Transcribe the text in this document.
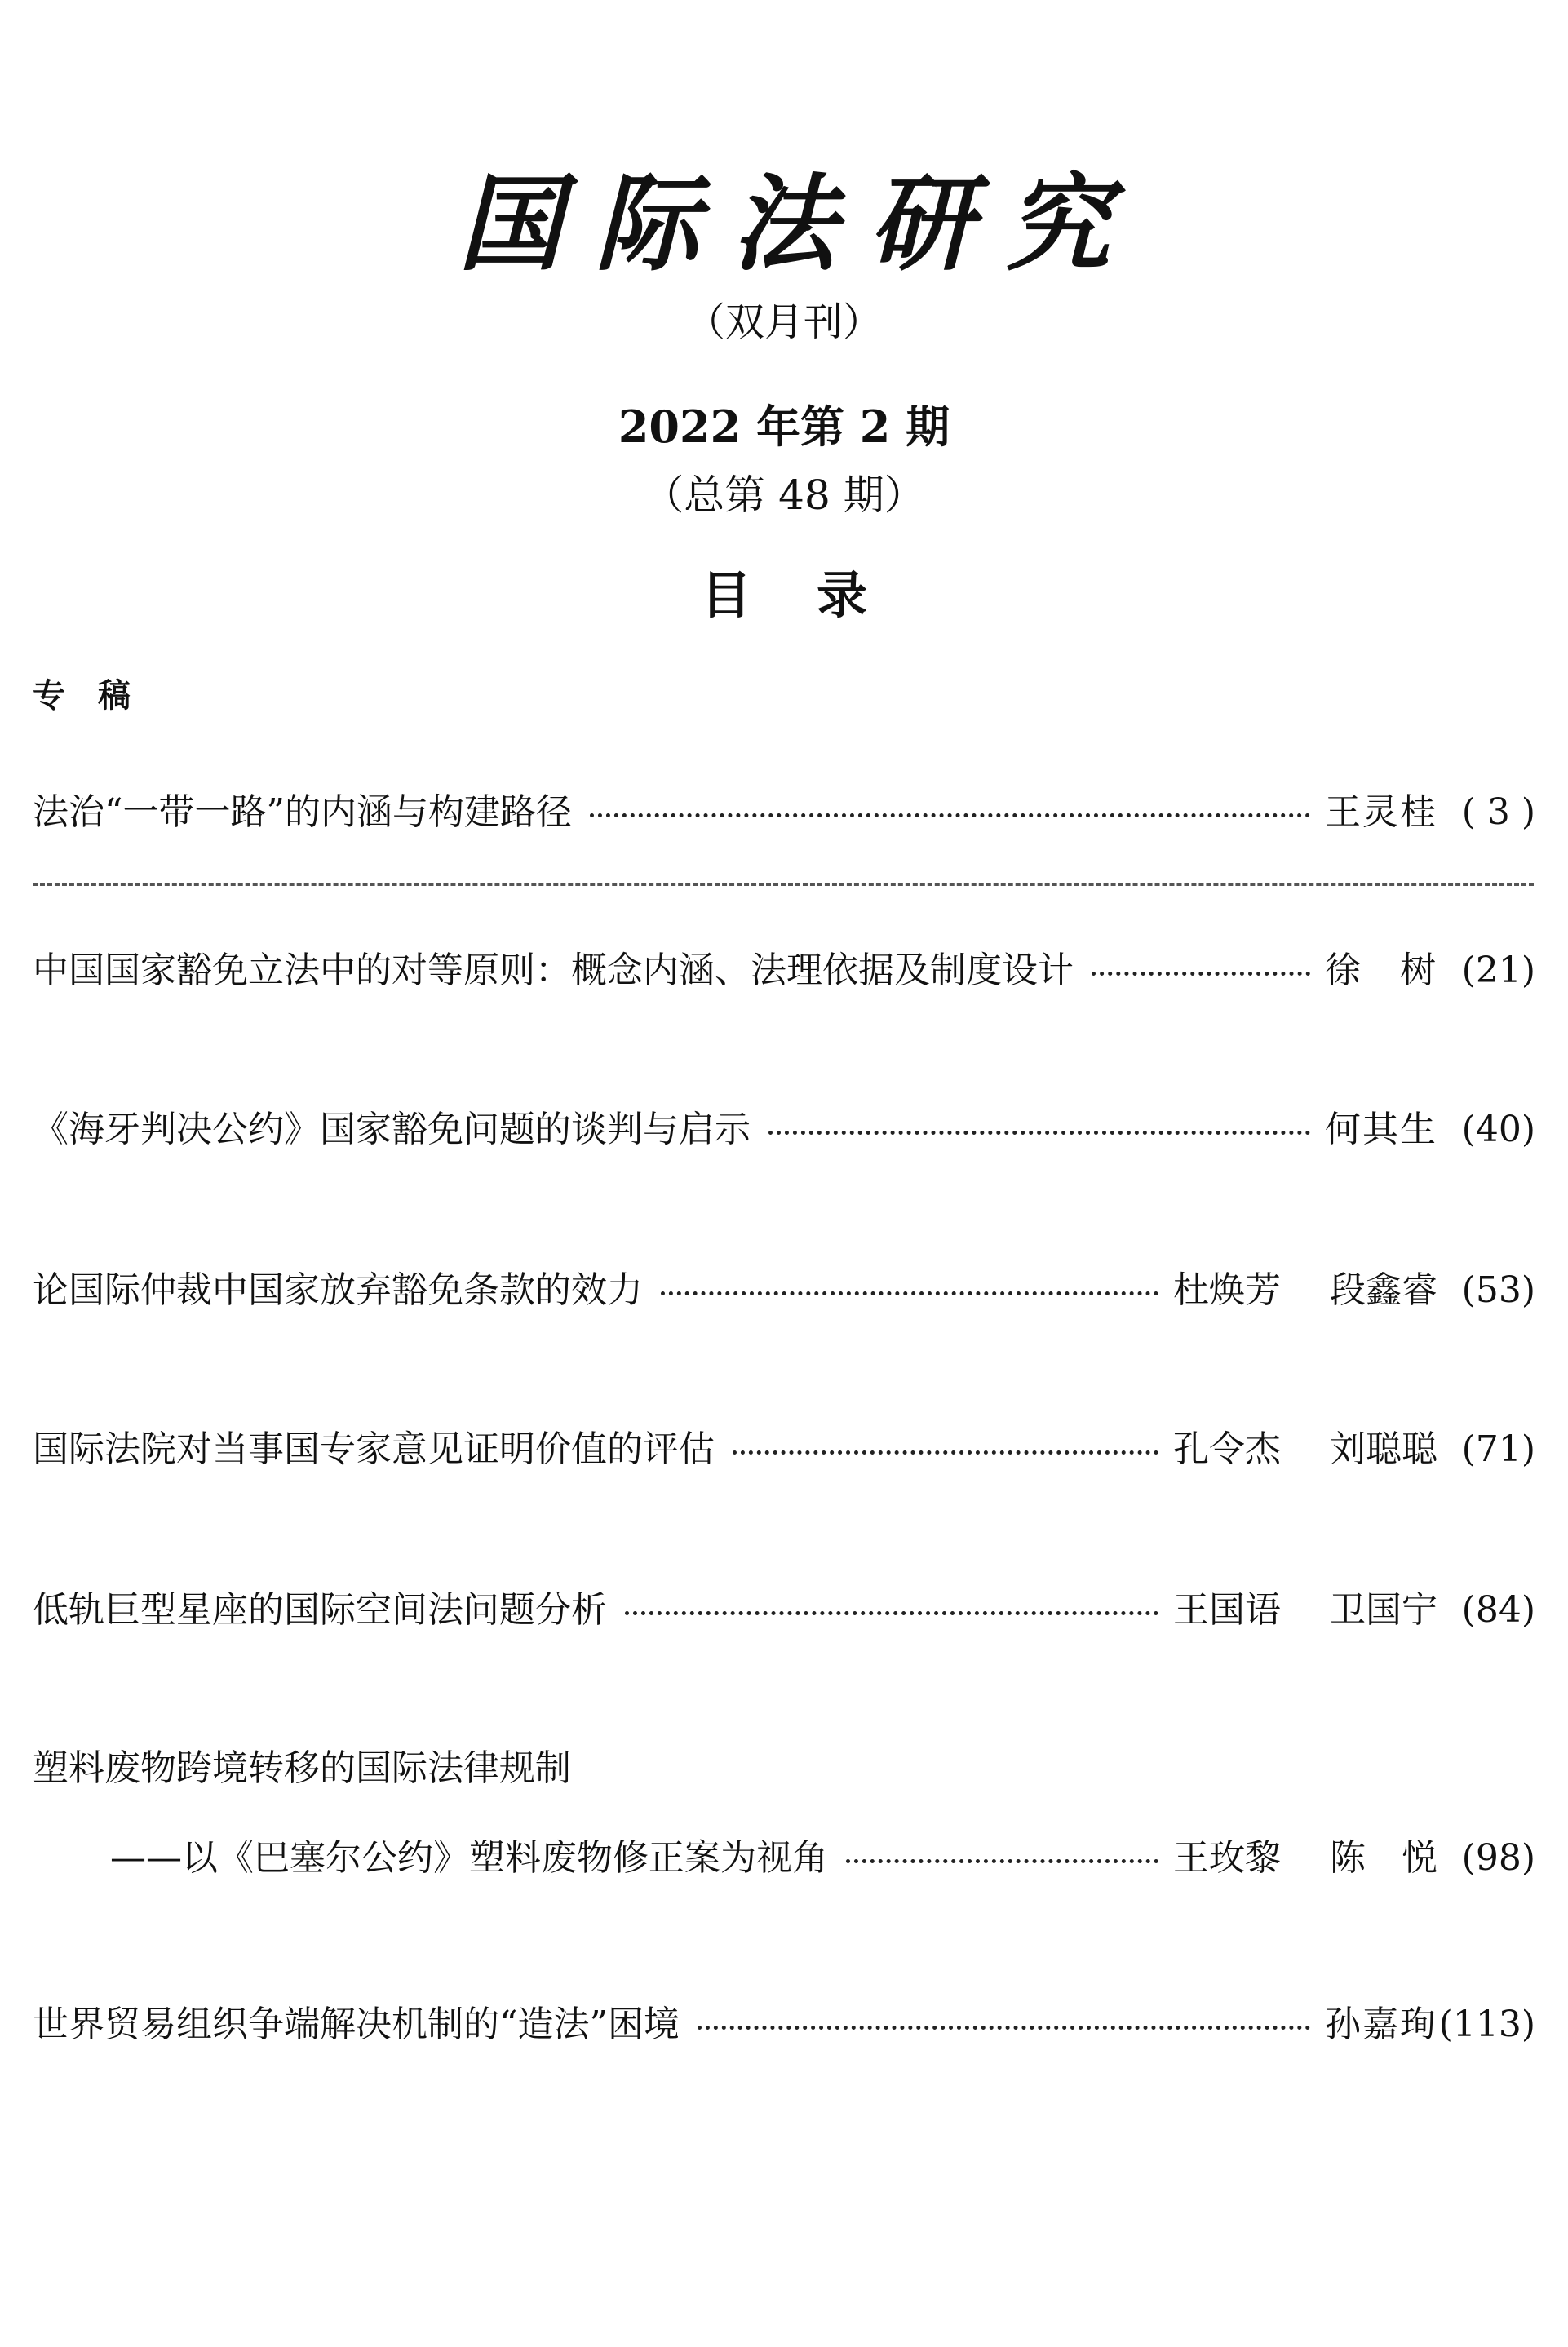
国际法研究
（双月刊）
2022 年第 2 期
（总第 48 期）
目录
专稿
法治“一带一路”的内涵与构建路径	王灵桂 ( 3 )
中国国家豁免立法中的对等原则：概念内涵、法理依据及制度设计	徐　树 (21)
《海牙判决公约》国家豁免问题的谈判与启示	何其生 (40)
论国际仲裁中国家放弃豁免条款的效力	杜焕芳 段鑫睿 (53)
国际法院对当事国专家意见证明价值的评估	孔令杰 刘聪聪 (71)
低轨巨型星座的国际空间法问题分析	王国语 卫国宁 (84)
塑料废物跨境转移的国际法律规制
——以《巴塞尔公约》塑料废物修正案为视角	王玫黎 陈　悦 (98)
世界贸易组织争端解决机制的“造法”困境	孙嘉珣 (113)
